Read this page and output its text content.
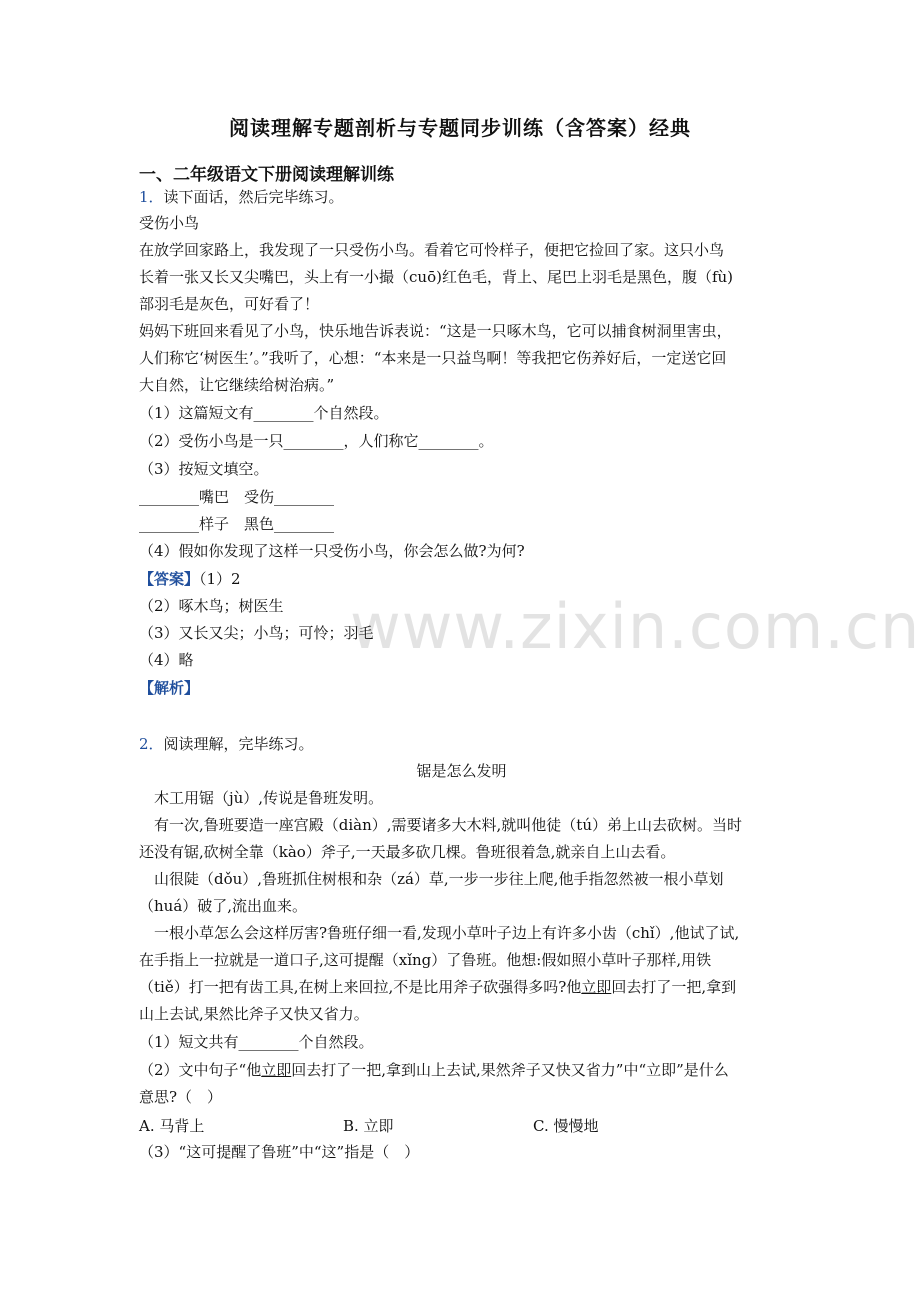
www.zixin.com.cn
阅读理解专题剖析与专题同步训练（含答案）经典
一、二年级语文下册阅读理解训练
1．读下面话，然后完毕练习。
受伤小鸟
在放学回家路上，我发现了一只受伤小鸟。看着它可怜样子，便把它捡回了家。这只小鸟
长着一张又长又尖嘴巴，头上有一小撮（cuō)红色毛，背上、尾巴上羽毛是黑色，腹（fù)
部羽毛是灰色，可好看了！
妈妈下班回来看见了小鸟，快乐地告诉表说：“这是一只啄木鸟，它可以捕食树洞里害虫，
人们称它‘树医生’。”我听了，心想：“本来是一只益鸟啊！等我把它伤养好后，一定送它回
大自然，让它继续给树治病。”
（1）这篇短文有________个自然段。
（2）受伤小鸟是一只________，人们称它________。
（3）按短文填空。
________嘴巴　受伤________
________样子　黑色________
（4）假如你发现了这样一只受伤小鸟，你会怎么做?为何?
【答案】（1）2
（2）啄木鸟；树医生
（3）又长又尖；小鸟；可怜；羽毛
（4）略
【解析】
2．阅读理解，完毕练习。
锯是怎么发明
木工用锯（jù）,传说是鲁班发明。
有一次,鲁班要造一座宫殿（diàn）,需要诸多大木料,就叫他徒（tú）弟上山去砍树。当时
还没有锯,砍树全靠（kào）斧子,一天最多砍几棵。鲁班很着急,就亲自上山去看。
山很陡（dǒu）,鲁班抓住树根和杂（zá）草,一步一步往上爬,他手指忽然被一根小草划
（huá）破了,流出血来。
一根小草怎么会这样厉害?鲁班仔细一看,发现小草叶子边上有许多小齿（chǐ）,他试了试,
在手指上一拉就是一道口子,这可提醒（xǐng）了鲁班。他想:假如照小草叶子那样,用铁
（tiě）打一把有齿工具,在树上来回拉,不是比用斧子砍强得多吗?他立即回去打了一把,拿到
山上去试,果然比斧子又快又省力。
（1）短文共有________个自然段。
（2）文中句子“他立即回去打了一把,拿到山上去试,果然斧子又快又省力”中“立即”是什么
意思?（　）
A. 马背上	B. 立即	C. 慢慢地
（3）“这可提醒了鲁班”中“这”指是（　）
